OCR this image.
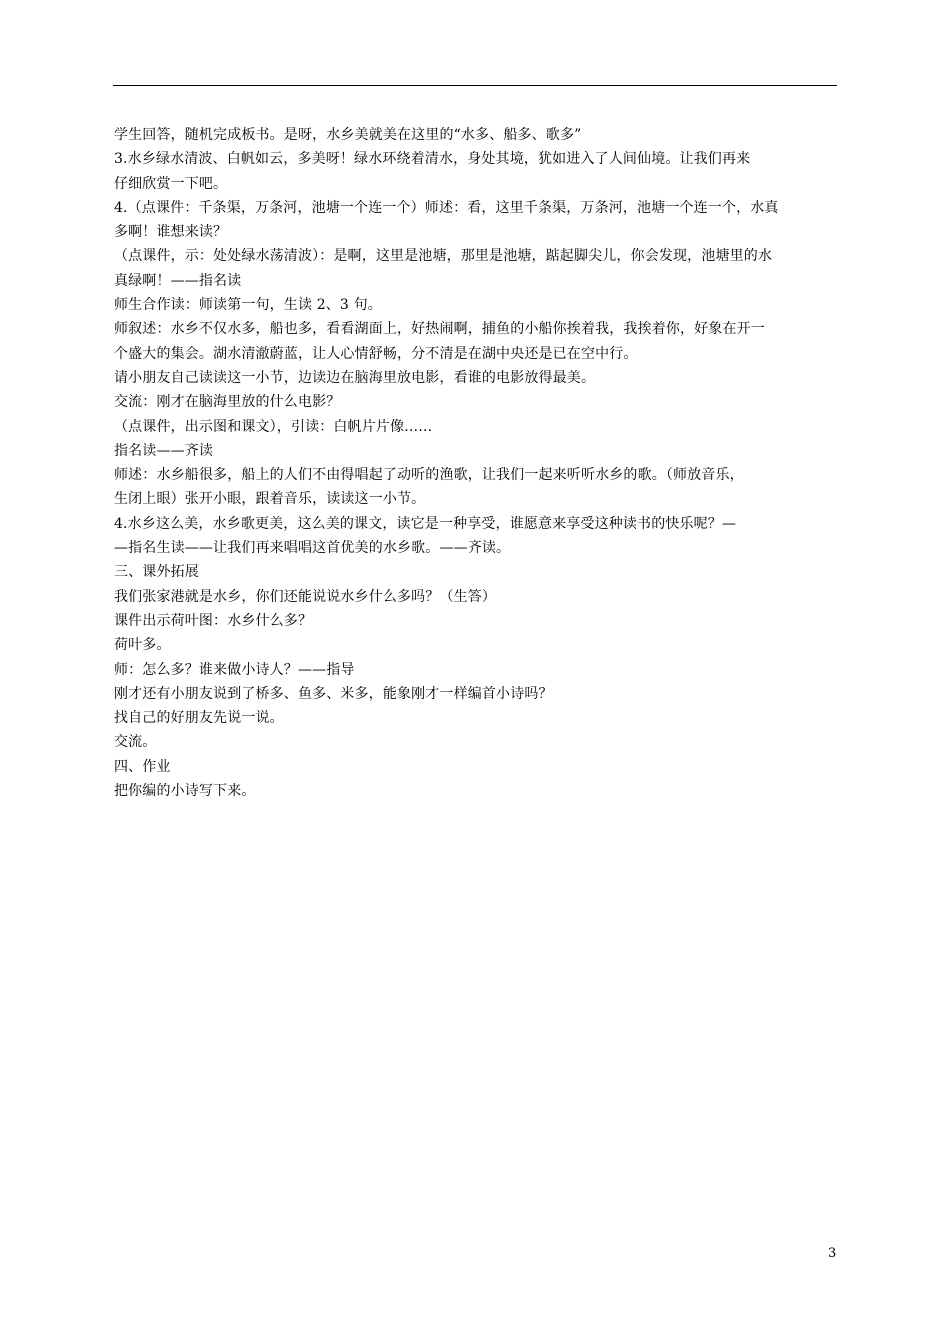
学生回答，随机完成板书。是呀，水乡美就美在这里的“水多、船多、歌多”
3.水乡绿水清波、白帆如云，多美呀！绿水环绕着清水，身处其境，犹如进入了人间仙境。让我们再来
仔细欣赏一下吧。
4.（点课件：千条渠，万条河，池塘一个连一个）师述：看，这里千条渠，万条河，池塘一个连一个，水真
多啊！谁想来读？
（点课件，示：处处绿水荡清波）：是啊，这里是池塘，那里是池塘，踮起脚尖儿，你会发现，池塘里的水
真绿啊！——指名读
师生合作读：师读第一句，生读 2、3 句。
师叙述：水乡不仅水多，船也多，看看湖面上，好热闹啊，捕鱼的小船你挨着我，我挨着你，好象在开一
个盛大的集会。湖水清澈蔚蓝，让人心情舒畅，分不清是在湖中央还是已在空中行。
请小朋友自己读读这一小节，边读边在脑海里放电影，看谁的电影放得最美。
交流：刚才在脑海里放的什么电影？
（点课件，出示图和课文），引读：白帆片片像……
指名读——齐读
师述：水乡船很多，船上的人们不由得唱起了动听的渔歌，让我们一起来听听水乡的歌。（师放音乐，
生闭上眼）张开小眼，跟着音乐，读读这一小节。
4.水乡这么美，水乡歌更美，这么美的课文，读它是一种享受，谁愿意来享受这种读书的快乐呢？—
—指名生读——让我们再来唱唱这首优美的水乡歌。——齐读。
三、课外拓展
我们张家港就是水乡，你们还能说说水乡什么多吗？（生答）
课件出示荷叶图：水乡什么多？
荷叶多。
师：怎么多？谁来做小诗人？——指导
刚才还有小朋友说到了桥多、鱼多、米多，能象刚才一样编首小诗吗？
找自己的好朋友先说一说。
交流。
四、作业
把你编的小诗写下来。
3
